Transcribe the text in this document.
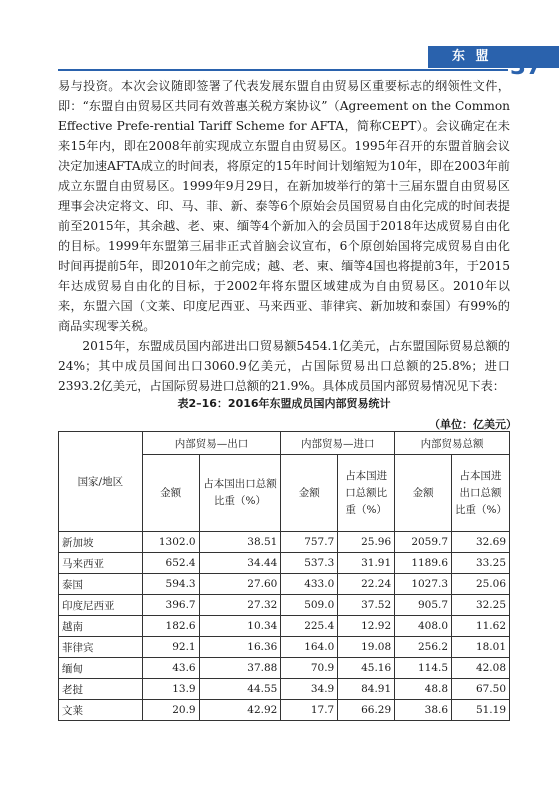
东 盟 37

易与投资。本次会议随即签署了代表发展东盟自由贸易区重要标志的纲领性文件，即：“东盟自由贸易区共同有效普惠关税方案协议”（Agreement on the Common Effective Prefe-rential Tariff Scheme for AFTA，简称CEPT）。会议确定在未来15年内，即在2008年前实现成立东盟自由贸易区。1995年召开的东盟首脑会议决定加速AFTA成立的时间表，将原定的15年时间计划缩短为10年，即在2003年前成立东盟自由贸易区。1999年9月29日，在新加坡举行的第十三届东盟自由贸易区理事会决定将文、印、马、菲、新、泰等6个原始会员国贸易自由化完成的时间表提前至2015年，其余越、老、柬、缅等4个新加入的会员国于2018年达成贸易自由化的目标。1999年东盟第三届非正式首脑会议宣布，6个原创始国将完成贸易自由化时间再提前5年，即2010年之前完成；越、老、柬、缅等4国也将提前3年，于2015年达成贸易自由化的目标，于2002年将东盟区域建成为自由贸易区。2010年以来，东盟六国（文莱、印度尼西亚、马来西亚、菲律宾、新加坡和泰国）有99%的商品实现零关税。

2015年，东盟成员国内部进出口贸易额5454.1亿美元，占东盟国际贸易总额的24%；其中成员国间出口3060.9亿美元，占国际贸易出口总额的25.8%；进口2393.2亿美元，占国际贸易进口总额的21.9%。具体成员国内部贸易情况见下表：

表2–16：2016年东盟成员国内部贸易统计
（单位：亿美元）
国家/地区	内部贸易—出口		内部贸易—进口		内部贸易总额	
	金额	占本国出口总额比重（%）	金额	占本国进口总额比重（%）	金额	占本国进出口总额比重（%）
新加坡	1302.0	38.51	757.7	25.96	2059.7	32.69
马来西亚	652.4	34.44	537.3	31.91	1189.6	33.25
泰国	594.3	27.60	433.0	22.24	1027.3	25.06
印度尼西亚	396.7	27.32	509.0	37.52	905.7	32.25
越南	182.6	10.34	225.4	12.92	408.0	11.62
菲律宾	92.1	16.36	164.0	19.08	256.2	18.01
缅甸	43.6	37.88	70.9	45.16	114.5	42.08
老挝	13.9	44.55	34.9	84.91	48.8	67.50
文莱	20.9	42.92	17.7	66.29	38.6	51.19
